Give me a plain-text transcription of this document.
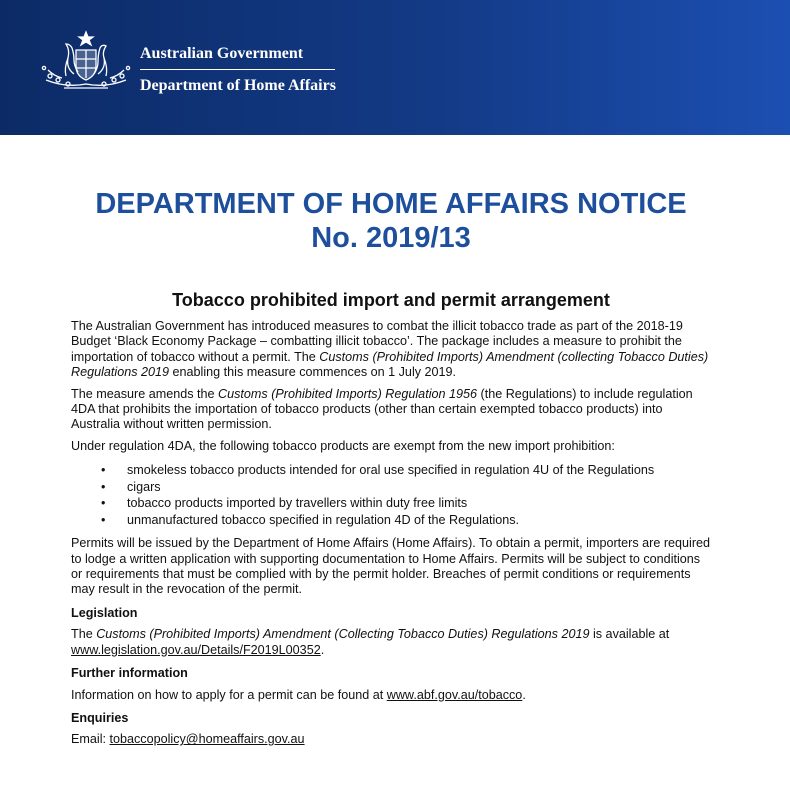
Australian Government
Department of Home Affairs
DEPARTMENT OF HOME AFFAIRS NOTICE
No. 2019/13
Tobacco prohibited import and permit arrangement

The Australian Government has introduced measures to combat the illicit tobacco trade as part of the 2018-19 Budget ‘Black Economy Package – combatting illicit tobacco’. The package includes a measure to prohibit the importation of tobacco without a permit. The Customs (Prohibited Imports) Amendment (collecting Tobacco Duties) Regulations 2019 enabling this measure commences on 1 July 2019.

The measure amends the Customs (Prohibited Imports) Regulation 1956 (the Regulations) to include regulation 4DA that prohibits the importation of tobacco products (other than certain exempted tobacco products) into Australia without written permission.

Under regulation 4DA, the following tobacco products are exempt from the new import prohibition:

• smokeless tobacco products intended for oral use specified in regulation 4U of the Regulations
• cigars
• tobacco products imported by travellers within duty free limits
• unmanufactured tobacco specified in regulation 4D of the Regulations.

Permits will be issued by the Department of Home Affairs (Home Affairs). To obtain a permit, importers are required to lodge a written application with supporting documentation to Home Affairs. Permits will be subject to conditions or requirements that must be complied with by the permit holder. Breaches of permit conditions or requirements may result in the revocation of the permit.

Legislation

The Customs (Prohibited Imports) Amendment (Collecting Tobacco Duties) Regulations 2019 is available at
www.legislation.gov.au/Details/F2019L00352.

Further information

Information on how to apply for a permit can be found at www.abf.gov.au/tobacco.

Enquiries

Email: tobaccopolicy@homeaffairs.gov.au
